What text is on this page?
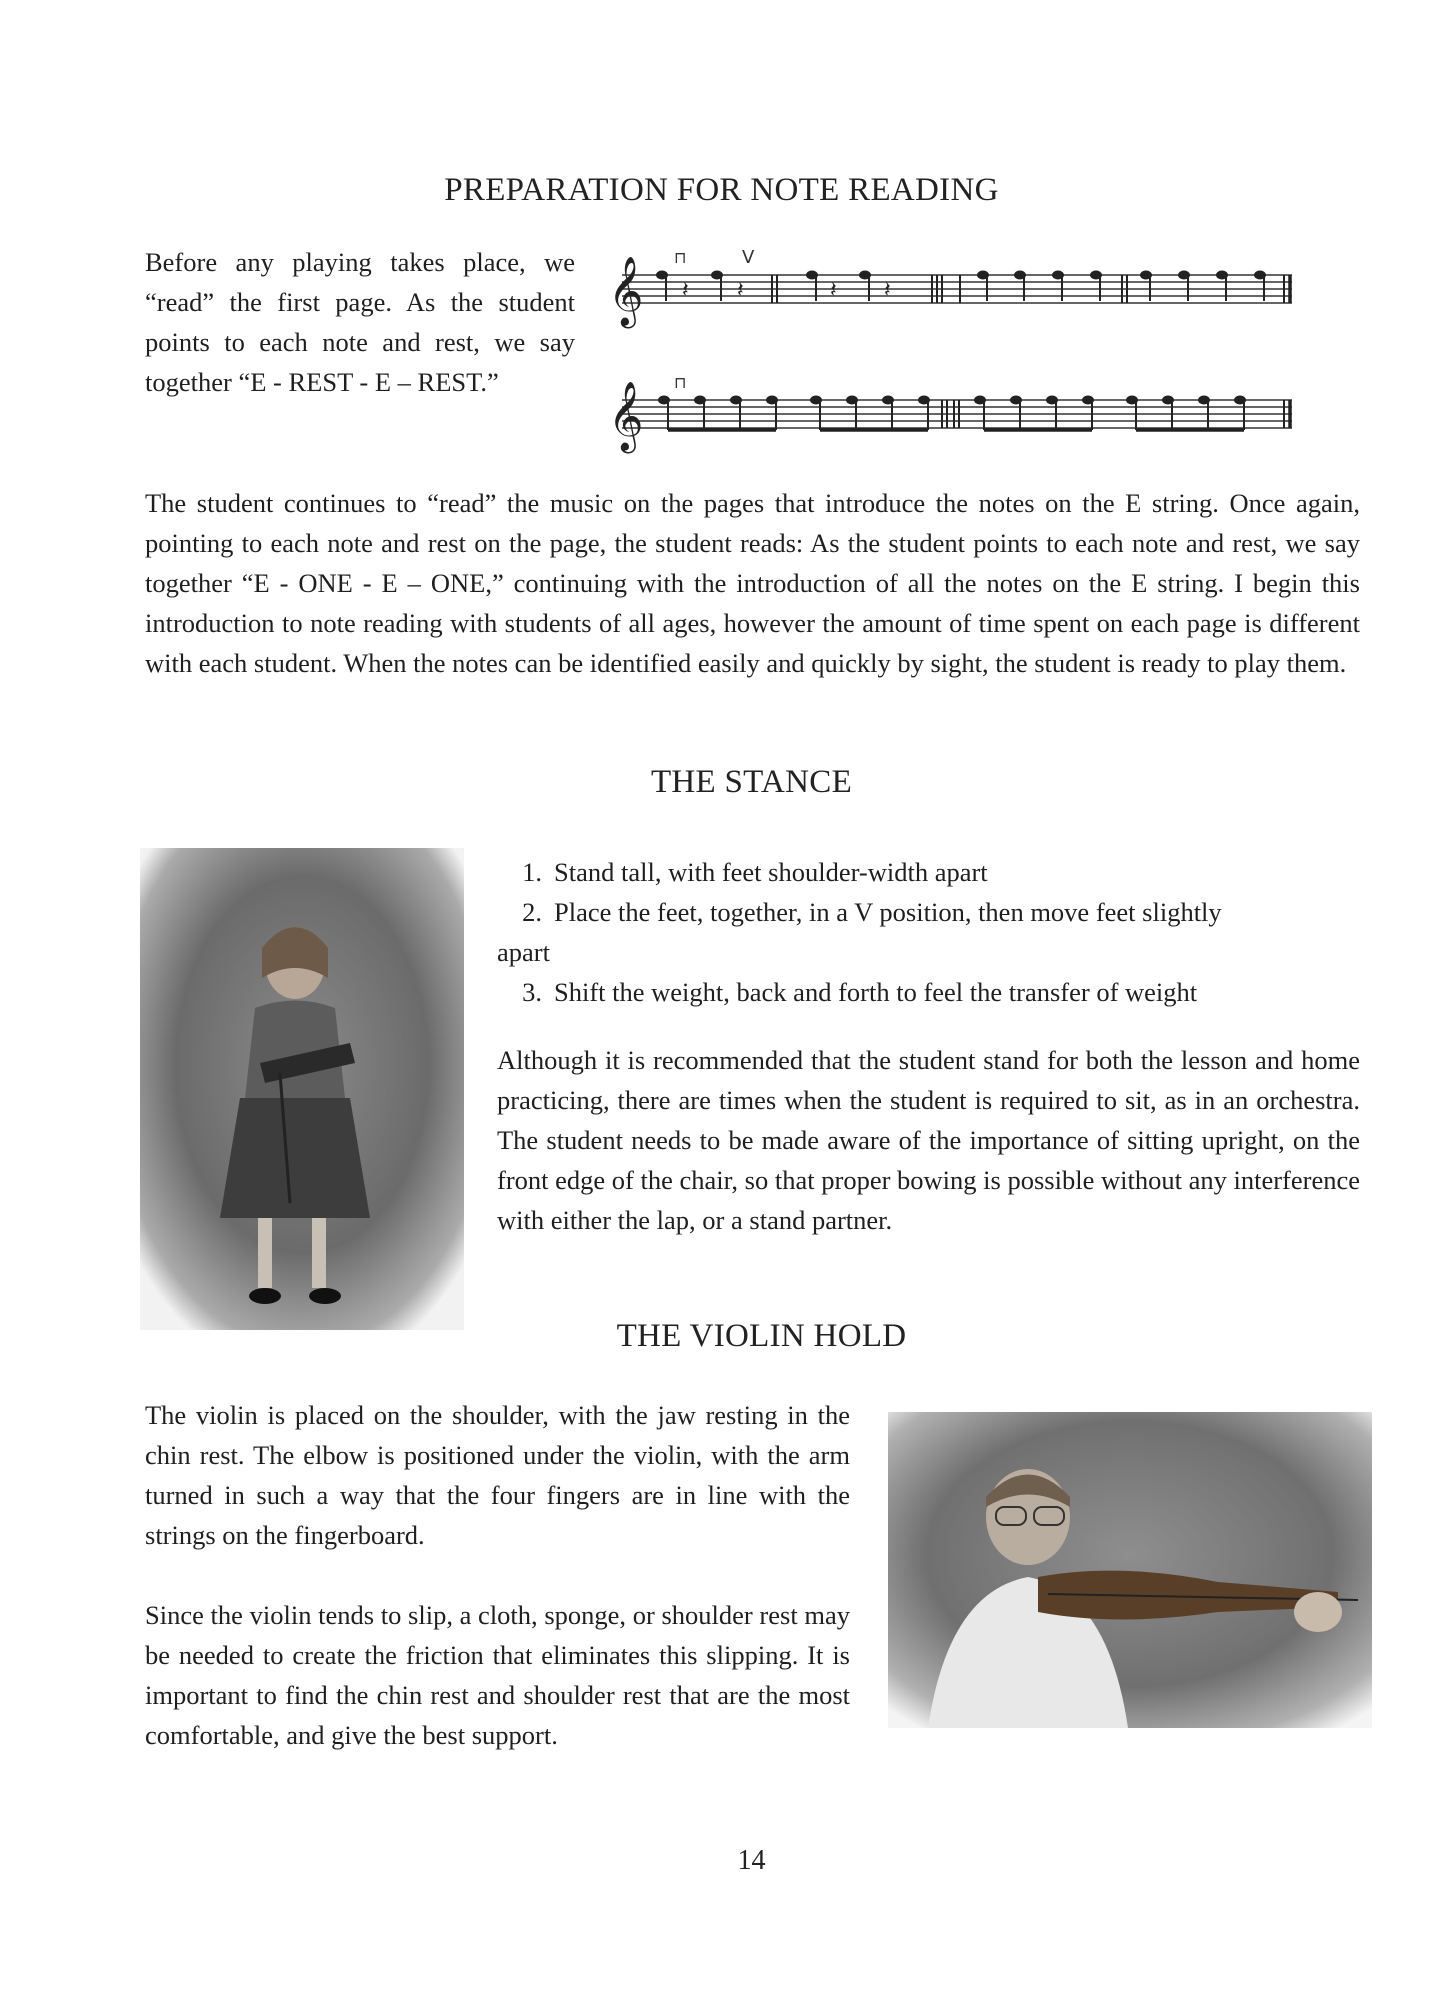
PREPARATION FOR NOTE READING

Before any playing takes place, we “read” the first page. As the student points to each note and rest, we say together “E - REST - E – REST.”

𝄞 ⊓	V
𝄽 𝄽	𝄽 𝄽
𝄞 ⊓

The student continues to “read” the music on the pages that introduce the notes on the E string. Once again, pointing to each note and rest on the page, the student reads: As the student points to each note and rest, we say together “E - ONE - E – ONE,” continuing with the introduction of all the notes on the E string. I begin this introduction to note reading with students of all ages, however the amount of time spent on each page is different with each student. When the notes can be identified easily and quickly by sight, the student is ready to play them.

THE STANCE
1. Stand tall, with feet shoulder-width apart
2. Place the feet, together, in a V position, then move feet slightly
apart
3. Shift the weight, back and forth to feel the transfer of weight

Although it is recommended that the student stand for both the lesson and home practicing, there are times when the student is required to sit, as in an orchestra. The student needs to be made aware of the importance of sitting upright, on the front edge of the chair, so that proper bowing is possible without any interference with either the lap, or a stand partner.

THE VIOLIN HOLD

The violin is placed on the shoulder, with the jaw resting in the chin rest. The elbow is positioned under the violin, with the arm turned in such a way that the four fingers are in line with the strings on the fingerboard.

Since the violin tends to slip, a cloth, sponge, or shoulder rest may be needed to create the friction that eliminates this slipping. It is important to find the chin rest and shoulder rest that are the most comfortable, and give the best support.

14
